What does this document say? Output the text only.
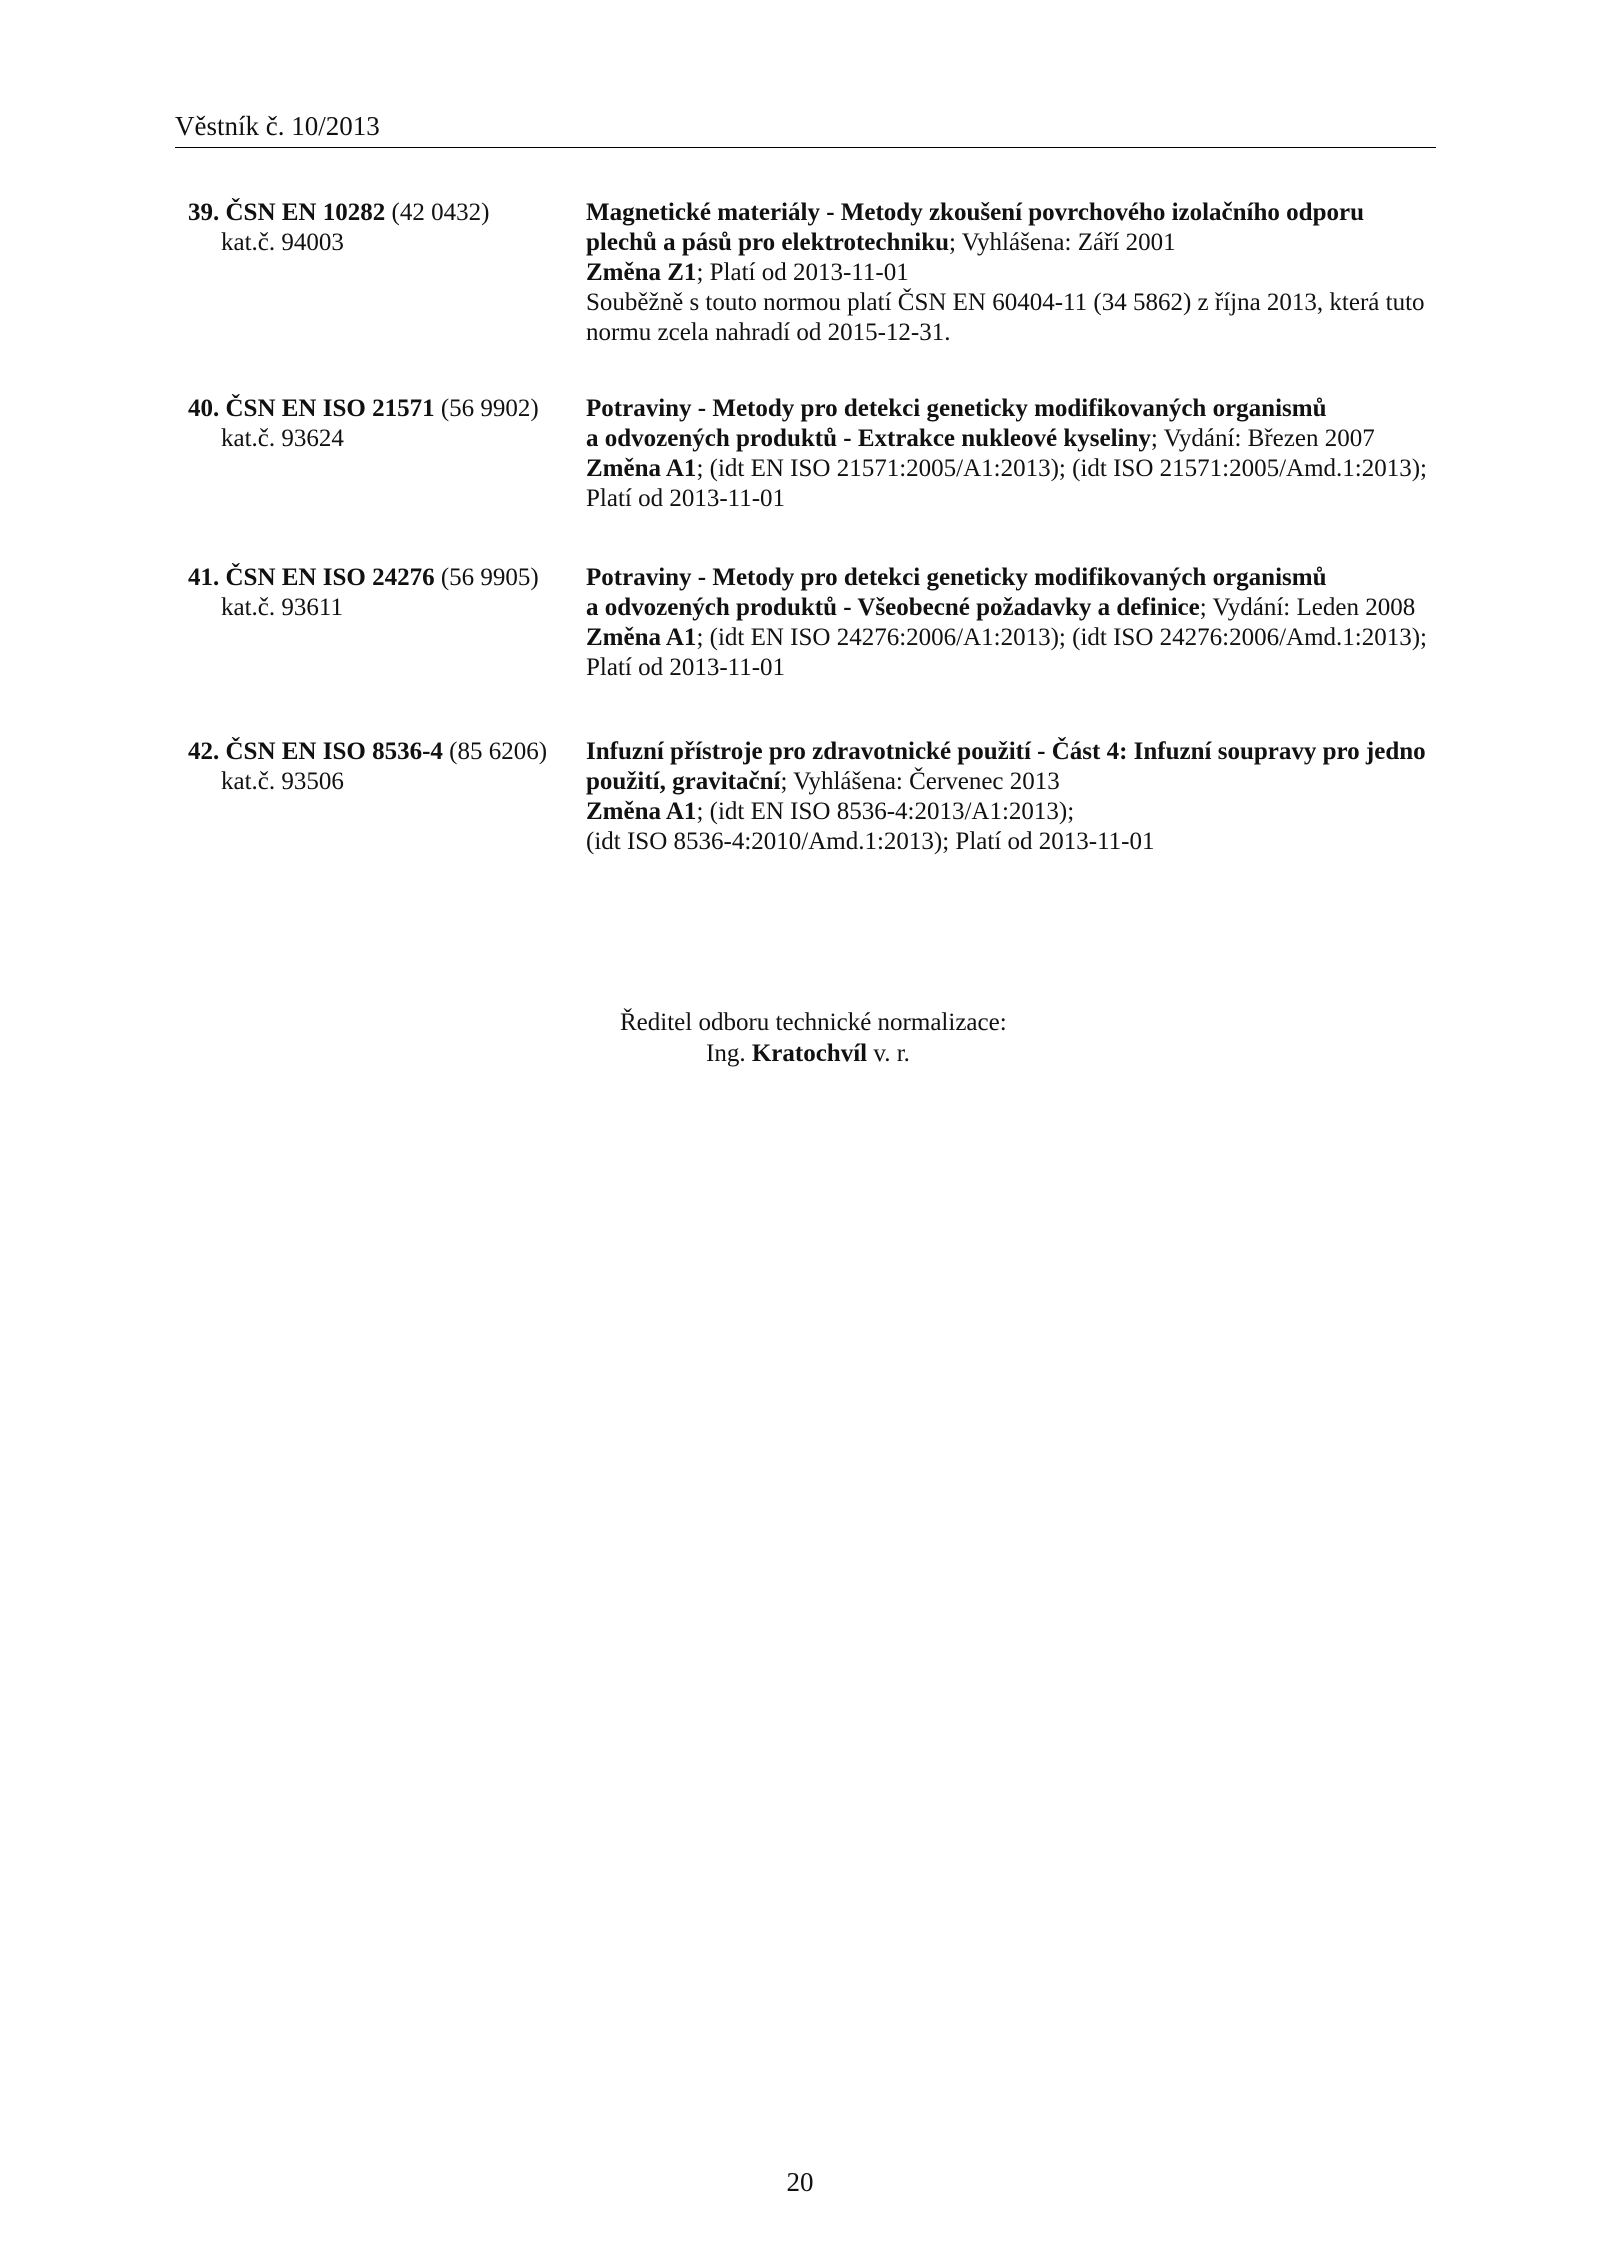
Věstník č. 10/2013
39. ČSN EN 10282 (42 0432)
kat.č. 94003
Magnetické materiály - Metody zkoušení povrchového izolačního odporu
plechů a pásů pro elektrotechniku; Vyhlášena: Září 2001
Změna Z1; Platí od 2013-11-01
Souběžně s touto normou platí ČSN EN 60404-11 (34 5862) z října 2013, která tuto
normu zcela nahradí od 2015-12-31.
40. ČSN EN ISO 21571 (56 9902)
kat.č. 93624
Potraviny - Metody pro detekci geneticky modifikovaných organismů
a odvozených produktů - Extrakce nukleové kyseliny; Vydání: Březen 2007
Změna A1; (idt EN ISO 21571:2005/A1:2013); (idt ISO 21571:2005/Amd.1:2013);
Platí od 2013-11-01
41. ČSN EN ISO 24276 (56 9905)
kat.č. 93611
Potraviny - Metody pro detekci geneticky modifikovaných organismů
a odvozených produktů - Všeobecné požadavky a definice; Vydání: Leden 2008
Změna A1; (idt EN ISO 24276:2006/A1:2013); (idt ISO 24276:2006/Amd.1:2013);
Platí od 2013-11-01
42. ČSN EN ISO 8536-4 (85 6206)
kat.č. 93506
Infuzní přístroje pro zdravotnické použití - Část 4: Infuzní soupravy pro jedno
použití, gravitační; Vyhlášena: Červenec 2013
Změna A1; (idt EN ISO 8536-4:2013/A1:2013);
(idt ISO 8536-4:2010/Amd.1:2013); Platí od 2013-11-01
Ředitel odboru technické normalizace:
Ing. Kratochvíl v. r.
20
